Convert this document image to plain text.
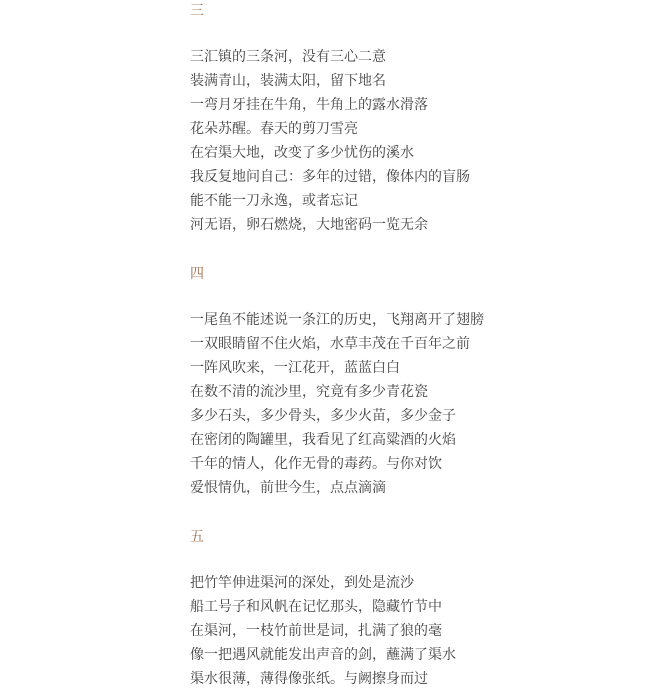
三

三汇镇的三条河，没有三心二意

装满青山，装满太阳，留下地名

一弯月牙挂在牛角，牛角上的露水滑落

花朵苏醒。春天的剪刀雪亮

在宕渠大地，改变了多少忧伤的溪水

我反复地问自己：多年的过错，像体内的盲肠

能不能一刀永逸，或者忘记

河无语，卵石燃烧，大地密码一览无余

四

一尾鱼不能述说一条江的历史，飞翔离开了翅膀

一双眼睛留不住火焰，水草丰茂在千百年之前

一阵风吹来，一江花开，蓝蓝白白

在数不清的流沙里，究竟有多少青花瓷

多少石头，多少骨头，多少火苗，多少金子

在密闭的陶罐里，我看见了红高粱酒的火焰

千年的情人，化作无骨的毒药。与你对饮

爱恨情仇，前世今生，点点滴滴

五

把竹竿伸进渠河的深处，到处是流沙

船工号子和风帆在记忆那头，隐藏竹节中

在渠河，一枝竹前世是词，扎满了狼的毫

像一把遇风就能发出声音的剑，蘸满了渠水

渠水很薄，薄得像张纸。与阙擦身而过
